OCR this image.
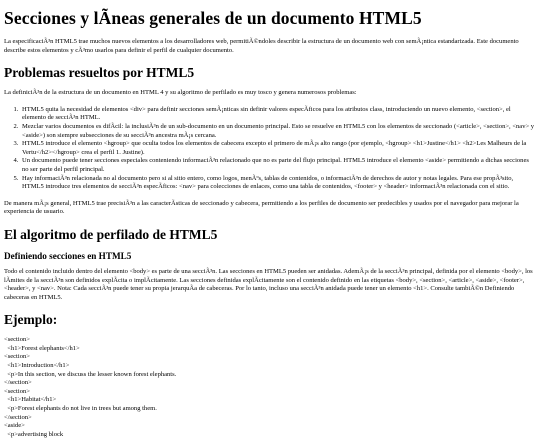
Secciones y lÃneas generales de un documento HTML5

La especificaciÃ³n HTML5 trae muchos nuevos elementos a los desarrolladores web, permitiÃ©ndoles describir la estructura de un documento web con semÃ¡ntica estandarizada. Este documento describe estos elementos y cÃ³mo usarlos para definir el perfil de cualquier documento.

Problemas resueltos por HTML5

La definiciÃ³n de la estructura de un documento en HTML 4 y su algoritmo de perfilado es muy tosco y genera numerosos problemas:

1. HTML5 quita la necesidad de elementos <div> para definir secciones semÃ¡nticas sin definir valores especÃficos para los atributos class, introduciendo un nuevo elemento, <section>, el elemento de secciÃ³n HTML.
2. Mezclar varios documentos es difÃcil: la inclusiÃ³n de un sub-documento en un documento principal. Esto se resuelve en HTML5 con los elementos de seccionado (<article>, <section>, <nav> y <aside>) son siempre subsecciones de su secciÃ³n ancestra mÃ¡s cercana.
3. HTML5 introduce el elemento <hgroup> que oculta todos los elementos de cabecera excepto el primero de mÃ¡s alto rango (por ejemplo, <hgroup> <h1>Justine</h1> <h2>Les Malheurs de la Vertu</h2></hgroup> crea el perfil 1. Justine).
4. Un documento puede tener secciones especiales conteniendo informaciÃ³n relacionado que no es parte del flujo principal. HTML5 introduce el elemento <aside> permitiendo a dichas secciones no ser parte del perfil principal.
5. Hay informaciÃ³n relacionada no al documento pero si al sitio entero, como logos, menÃºs, tablas de contenidos, o informaciÃ³n de derechos de autor y notas legales. Para ese propÃ³sito, HTML5 introduce tres elementos de secciÃ³n especÃficos: <nav> para colecciones de enlaces, como una tabla de contenidos, <footer> y <header> informaciÃ³n relacionada con el sitio.

De manera mÃ¡s general, HTML5 trae precisiÃ³n a las caracterÃsticas de seccionado y cabecera, permitiendo a los perfiles de documento ser predecibles y usados por el navegador para mejorar la experiencia de usuario.

El algoritmo de perfilado de HTML5
Definiendo secciones en HTML5

Todo el contenido incluido dentro del elemento <body> es parte de una secciÃ³n. Las secciones en HTML5 pueden ser anidadas. AdemÃ¡s de la secciÃ³n principal, definida por el elemento <body>, los lÃmites de la secciÃ³n son definidos explÃcita o implÃcitamente. Las secciones definidas explÃcitamente son el contenido definido en las etiquetas <body>, <section>, <article>, <aside>, <footer>, <header>, y <nav>. Nota: Cada secciÃ³n puede tener su propia jerarquÃa de cabeceras. Por lo tanto, incluso una secciÃ³n anidada puede tener un elemento <h1>. Consulte tambiÃ©n Definiendo cabeceras en HTML5.

Ejemplo:
<section>
<h1>Forest elephants</h1>
<section>
<h1>Introduction</h1>
<p>In this section, we discuss the lesser known forest elephants.
</section>
<section>
<h1>Habitat</h1>
<p>Forest elephants do not live in trees but among them.
</section>
<aside>
<p>advertising block
